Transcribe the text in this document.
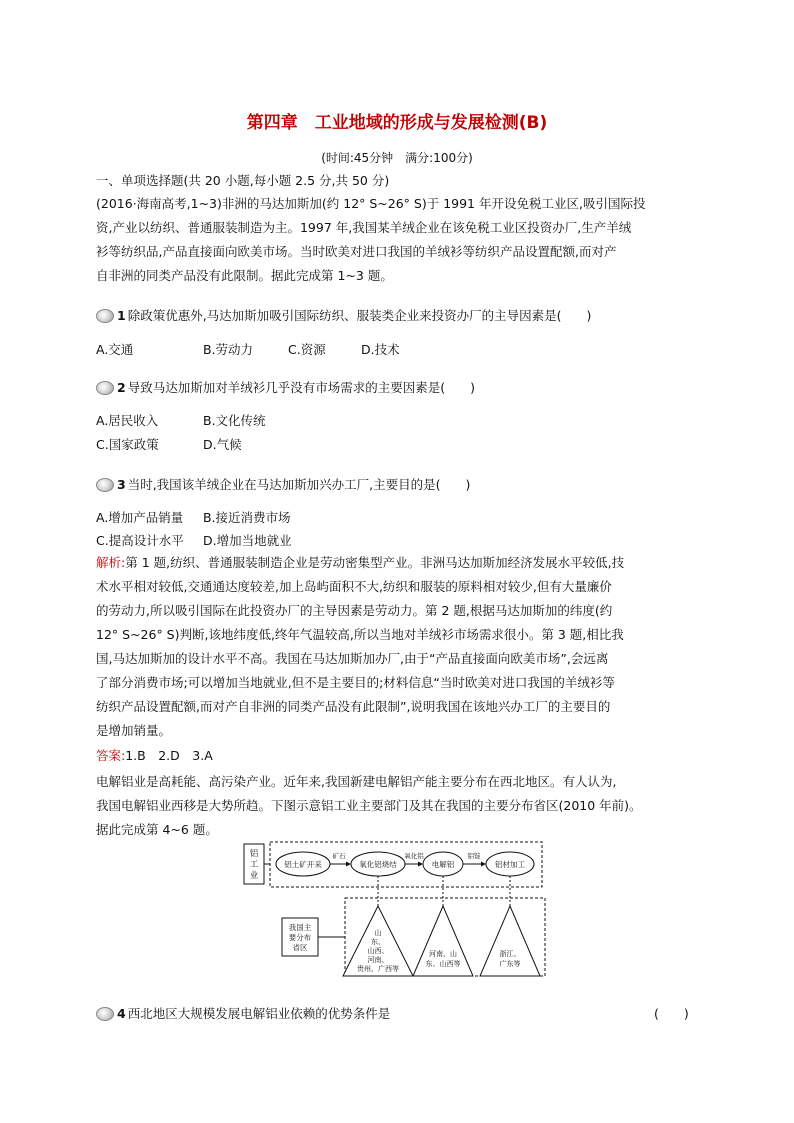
第四章　工业地域的形成与发展检测(B)
(时间:45分钟　满分:100分)
一、单项选择题(共 20 小题,每小题 2.5 分,共 50 分)
(2016·海南高考,1~3)非洲的马达加斯加(约 12° S~26° S)于 1991 年开设免税工业区,吸引国际投
资,产业以纺织、普通服装制造为主。1997 年,我国某羊绒企业在该免税工业区投资办厂,生产羊绒
衫等纺织品,产品直接面向欧美市场。当时欧美对进口我国的羊绒衫等纺织产品设置配额,而对产
自非洲的同类产品没有此限制。据此完成第 1~3 题。
1 除政策优惠外,马达加斯加吸引国际纺织、服装类企业来投资办厂的主导因素是(　　)
A.交通	B.劳动力	C.资源	D.技术
2 导致马达加斯加对羊绒衫几乎没有市场需求的主要因素是(　　)
A.居民收入	B.文化传统
C.国家政策	D.气候
3 当时,我国该羊绒企业在马达加斯加兴办工厂,主要目的是(　　)
A.增加产品销量 B.接近消费市场
C.提高设计水平 D.增加当地就业
解析:第 1 题,纺织、普通服装制造企业是劳动密集型产业。非洲马达加斯加经济发展水平较低,技
术水平相对较低,交通通达度较差,加上岛屿面积不大,纺织和服装的原料相对较少,但有大量廉价
的劳动力,所以吸引国际在此投资办厂的主导因素是劳动力。第 2 题,根据马达加斯加的纬度(约
12° S~26° S)判断,该地纬度低,终年气温较高,所以当地对羊绒衫市场需求很小。第 3 题,相比我
国,马达加斯加的设计水平不高。我国在马达加斯加办厂,由于“产品直接面向欧美市场”,会远离
了部分消费市场;可以增加当地就业,但不是主要目的;材料信息“当时欧美对进口我国的羊绒衫等
纺织产品设置配额,而对产自非洲的同类产品没有此限制”,说明我国在该地兴办工厂的主要目的
是增加销量。
答案:1.B　2.D　3.A
电解铝业是高耗能、高污染产业。近年来,我国新建电解铝产能主要分布在西北地区。有人认为,
我国电解铝业西移是大势所趋。下图示意铝工业主要部门及其在我国的主要分布省区(2010 年前)。
据此完成第 4~6 题。
铝
工
业
铝土矿开采	氧化铝烧结	电解铝	铝材加工
矿石	氧化铝	铝锭
我国主
要分布
省区
山
东、
山西、
河南、
贵州、广西等
河南、山
东、山西等
浙江、
广东等
4 西北地区大规模发展电解铝业依赖的优势条件是	(　　)
